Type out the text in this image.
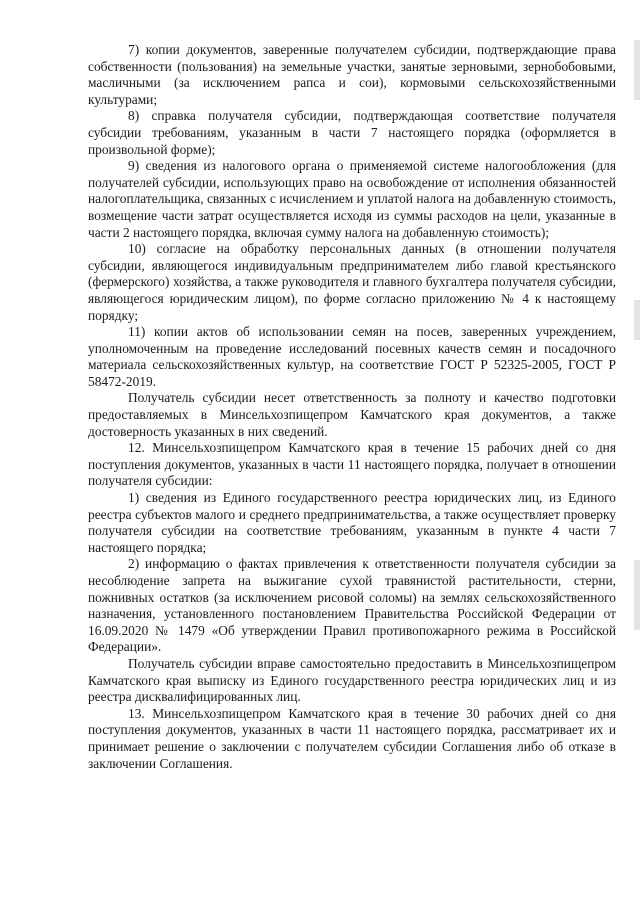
7) копии документов, заверенные получателем субсидии, подтверждающие права собственности (пользования) на земельные участки, занятые зерновыми, зернобобовыми, масличными (за исключением рапса и сои), кормовыми сельскохозяйственными культурами;

8) справка получателя субсидии, подтверждающая соответствие получателя субсидии требованиям, указанным в части 7 настоящего порядка (оформляется в произвольной форме);

9) сведения из налогового органа о применяемой системе налогообложения (для получателей субсидии, использующих право на освобождение от исполнения обязанностей налогоплательщика, связанных с исчислением и уплатой налога на добавленную стоимость, возмещение части затрат осуществляется исходя из суммы расходов на цели, указанные в части 2 настоящего порядка, включая сумму налога на добавленную стоимость);

10) согласие на обработку персональных данных (в отношении получателя субсидии, являющегося индивидуальным предпринимателем либо главой крестьянского (фермерского) хозяйства, а также руководителя и главного бухгалтера получателя субсидии, являющегося юридическим лицом), по форме согласно приложению № 4 к настоящему порядку;

11) копии актов об использовании семян на посев, заверенных учреждением, уполномоченным на проведение исследований посевных качеств семян и посадочного материала сельскохозяйственных культур, на соответствие ГОСТ Р 52325-2005, ГОСТ Р 58472-2019.

Получатель субсидии несет ответственность за полноту и качество подготовки предоставляемых в Минсельхозпищепром Камчатского края документов, а также достоверность указанных в них сведений.

12. Минсельхозпищепром Камчатского края в течение 15 рабочих дней со дня поступления документов, указанных в части 11 настоящего порядка, получает в отношении получателя субсидии:

1) сведения из Единого государственного реестра юридических лиц, из Единого реестра субъектов малого и среднего предпринимательства, а также осуществляет проверку получателя субсидии на соответствие требованиям, указанным в пункте 4 части 7 настоящего порядка;

2) информацию о фактах привлечения к ответственности получателя субсидии за несоблюдение запрета на выжигание сухой травянистой растительности, стерни, пожнивных остатков (за исключением рисовой соломы) на землях сельскохозяйственного назначения, установленного постановлением Правительства Российской Федерации от 16.09.2020 № 1479 «Об утверждении Правил противопожарного режима в Российской Федерации».

Получатель субсидии вправе самостоятельно предоставить в Минсельхозпищепром Камчатского края выписку из Единого государственного реестра юридических лиц и из реестра дисквалифицированных лиц.

13. Минсельхозпищепром Камчатского края в течение 30 рабочих дней со дня поступления документов, указанных в части 11 настоящего порядка, рассматривает их и принимает решение о заключении с получателем субсидии Соглашения либо об отказе в заключении Соглашения.
